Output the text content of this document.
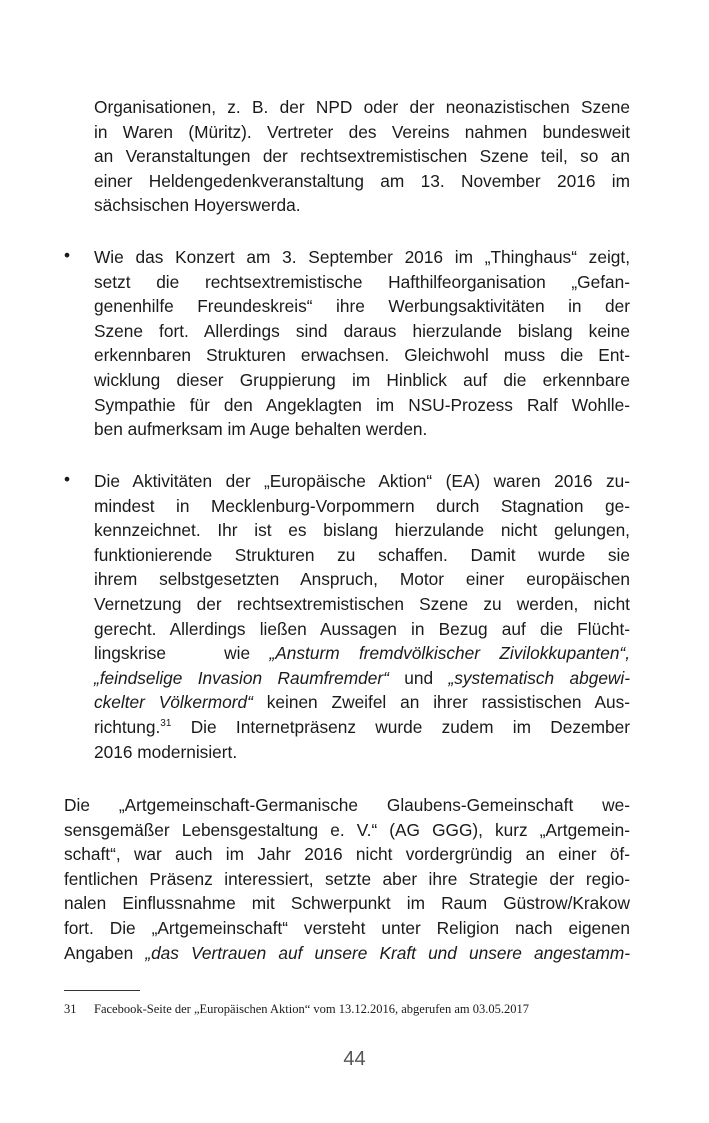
Organisationen, z. B. der NPD oder der neonazistischen Szene
in Waren (Müritz). Vertreter des Vereins nahmen bundesweit
an Veranstaltungen der rechtsextremistischen Szene teil, so an
einer Heldengedenkveranstaltung am 13. November 2016 im
sächsischen Hoyerswerda.
• Wie das Konzert am 3. September 2016 im „Thinghaus“ zeigt,
setzt die rechtsextremistische Hafthilfeorganisation „Gefan-
genenhilfe Freundeskreis“ ihre Werbungsaktivitäten in der
Szene fort. Allerdings sind daraus hierzulande bislang keine
erkennbaren Strukturen erwachsen. Gleichwohl muss die Ent-
wicklung dieser Gruppierung im Hinblick auf die erkennbare
Sympathie für den Angeklagten im NSU-Prozess Ralf Wohlle-
ben aufmerksam im Auge behalten werden.
• Die Aktivitäten der „Europäische Aktion“ (EA) waren 2016 zu-
mindest in Mecklenburg-Vorpommern durch Stagnation ge-
kennzeichnet. Ihr ist es bislang hierzulande nicht gelungen,
funktionierende Strukturen zu schaffen. Damit wurde sie
ihrem selbstgesetzten Anspruch, Motor einer europäischen
Vernetzung der rechtsextremistischen Szene zu werden, nicht
gerecht. Allerdings ließen Aussagen in Bezug auf die Flücht-
lingskrise   wie „Ansturm fremdvölkischer Zivilokkupanten“,
„feindselige Invasion Raumfremder“ und „systematisch abgewi-
ckelter Völkermord“ keinen Zweifel an ihrer rassistischen Aus-
richtung.$^{31}$ Die Internetpräsenz wurde zudem im Dezember
2016 modernisiert.
Die „Artgemeinschaft-Germanische Glaubens-Gemeinschaft we-
sensgemäßer Lebensgestaltung e. V.“ (AG GGG), kurz „Artgemein-
schaft“, war auch im Jahr 2016 nicht vordergründig an einer öf-
fentlichen Präsenz interessiert, setzte aber ihre Strategie der regio-
nalen Einflussnahme mit Schwerpunkt im Raum Güstrow/Krakow
fort. Die „Artgemeinschaft“ versteht unter Religion nach eigenen
Angaben „das Vertrauen auf unsere Kraft und unsere angestamm-
31 Facebook-Seite der „Europäischen Aktion“ vom 13.12.2016, abgerufen am 03.05.2017
44
